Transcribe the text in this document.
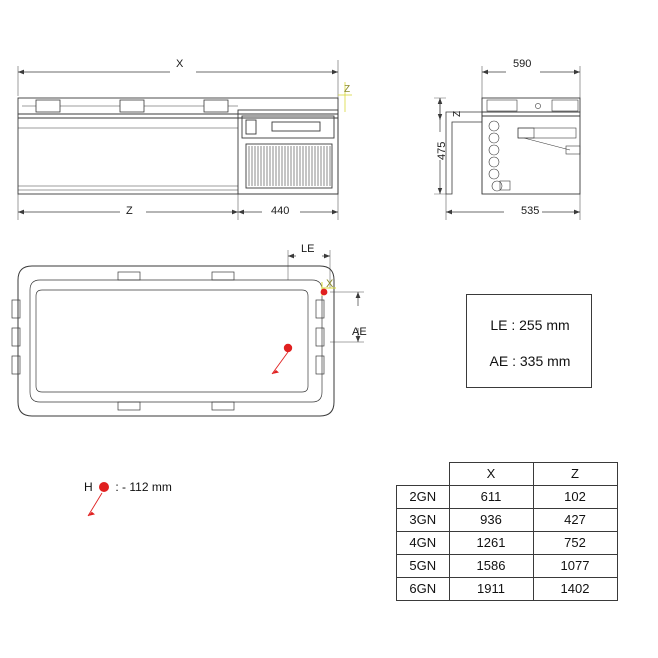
X
Z
Z	440
590
475
Z
535
LE
AE
X
LE : 255 mm
AE : 335 mm
H : - 112 mm
	X	Z
2GN	611	102
3GN	936	427
4GN	1261	752
5GN	1586	1077
6GN	1911	1402
